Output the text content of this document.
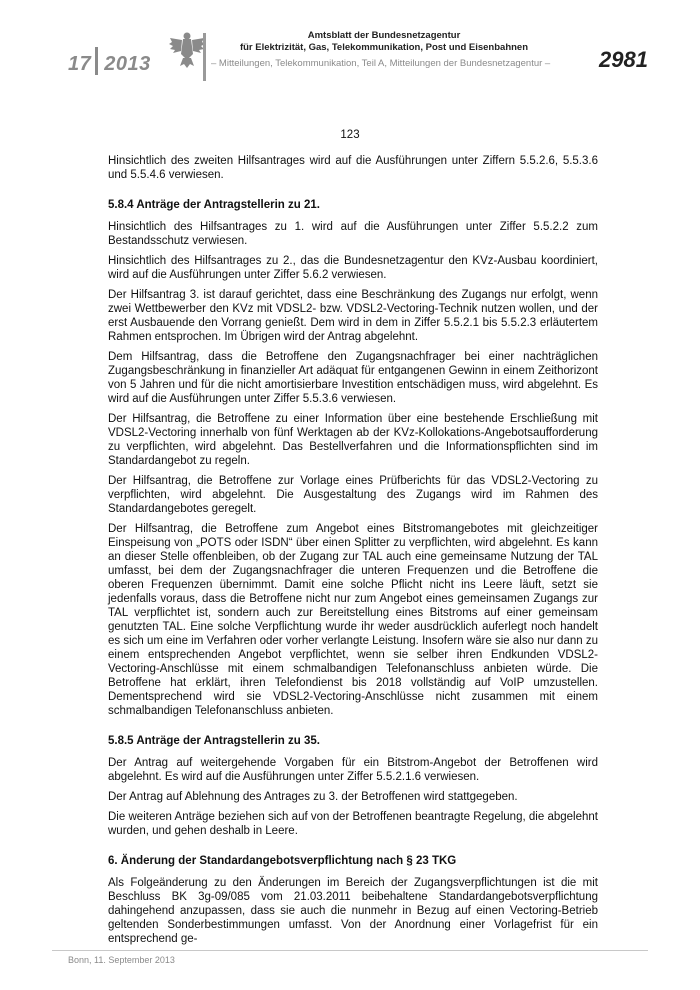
17 2013
Amtsblatt der Bundesnetzagentur
für Elektrizität, Gas, Telekommunikation, Post und Eisenbahnen
– Mitteilungen, Telekommunikation, Teil A, Mitteilungen der Bundesnetzagentur – 2981
123

Hinsichtlich des zweiten Hilfsantrages wird auf die Ausführungen unter Ziffern 5.5.2.6, 5.5.3.6 und 5.5.4.6 verwiesen.

5.8.4 Anträge der Antragstellerin zu 21.

Hinsichtlich des Hilfsantrages zu 1. wird auf die Ausführungen unter Ziffer 5.5.2.2 zum Bestandsschutz verwiesen.

Hinsichtlich des Hilfsantrages zu 2., das die Bundesnetzagentur den KVz-Ausbau koordiniert, wird auf die Ausführungen unter Ziffer 5.6.2 verwiesen.

Der Hilfsantrag 3. ist darauf gerichtet, dass eine Beschränkung des Zugangs nur erfolgt, wenn zwei Wettbewerber den KVz mit VDSL2- bzw. VDSL2-Vectoring-Technik nutzen wollen, und der erst Ausbauende den Vorrang genießt. Dem wird in dem in Ziffer 5.5.2.1 bis 5.5.2.3 erläutertem Rahmen entsprochen. Im Übrigen wird der Antrag abgelehnt.

Dem Hilfsantrag, dass die Betroffene den Zugangsnachfrager bei einer nachträglichen Zugangsbeschränkung in finanzieller Art adäquat für entgangenen Gewinn in einem Zeithorizont von 5 Jahren und für die nicht amortisierbare Investition entschädigen muss, wird abgelehnt. Es wird auf die Ausführungen unter Ziffer 5.5.3.6 verwiesen.

Der Hilfsantrag, die Betroffene zu einer Information über eine bestehende Erschließung mit VDSL2-Vectoring innerhalb von fünf Werktagen ab der KVz-Kollokations-Angebotsaufforderung zu verpflichten, wird abgelehnt. Das Bestellverfahren und die Informationspflichten sind im Standardangebot zu regeln.

Der Hilfsantrag, die Betroffene zur Vorlage eines Prüfberichts für das VDSL2-Vectoring zu verpflichten, wird abgelehnt. Die Ausgestaltung des Zugangs wird im Rahmen des Standardangebotes geregelt.

Der Hilfsantrag, die Betroffene zum Angebot eines Bitstromangebotes mit gleichzeitiger Einspeisung von „POTS oder ISDN“ über einen Splitter zu verpflichten, wird abgelehnt. Es kann an dieser Stelle offenbleiben, ob der Zugang zur TAL auch eine gemeinsame Nutzung der TAL umfasst, bei dem der Zugangsnachfrager die unteren Frequenzen und die Betroffene die oberen Frequenzen übernimmt. Damit eine solche Pflicht nicht ins Leere läuft, setzt sie jedenfalls voraus, dass die Betroffene nicht nur zum Angebot eines gemeinsamen Zugangs zur TAL verpflichtet ist, sondern auch zur Bereitstellung eines Bitstroms auf einer gemeinsam genutzten TAL. Eine solche Verpflichtung wurde ihr weder ausdrücklich auferlegt noch handelt es sich um eine im Verfahren oder vorher verlangte Leistung. Insofern wäre sie also nur dann zu einem entsprechenden Angebot verpflichtet, wenn sie selber ihren Endkunden VDSL2-Vectoring-Anschlüsse mit einem schmalbandigen Telefonanschluss anbieten würde. Die Betroffene hat erklärt, ihren Telefondienst bis 2018 vollständig auf VoIP umzustellen. Dementsprechend wird sie VDSL2-Vectoring-Anschlüsse nicht zusammen mit einem schmalbandigen Telefonanschluss anbieten.

5.8.5 Anträge der Antragstellerin zu 35.

Der Antrag auf weitergehende Vorgaben für ein Bitstrom-Angebot der Betroffenen wird abgelehnt. Es wird auf die Ausführungen unter Ziffer 5.5.2.1.6 verwiesen.

Der Antrag auf Ablehnung des Antrages zu 3. der Betroffenen wird stattgegeben.

Die weiteren Anträge beziehen sich auf von der Betroffenen beantragte Regelung, die abgelehnt wurden, und gehen deshalb in Leere.

6. Änderung der Standardangebotsverpflichtung nach § 23 TKG

Als Folgeänderung zu den Änderungen im Bereich der Zugangsverpflichtungen ist die mit Beschluss BK 3g-09/085 vom 21.03.2011 beibehaltene Standardangebotsverpflichtung dahingehend anzupassen, dass sie auch die nunmehr in Bezug auf einen Vectoring-Betrieb geltenden Sonderbestimmungen umfasst. Von der Anordnung einer Vorlagefrist für ein entsprechend ge-

Bonn, 11. September 2013
